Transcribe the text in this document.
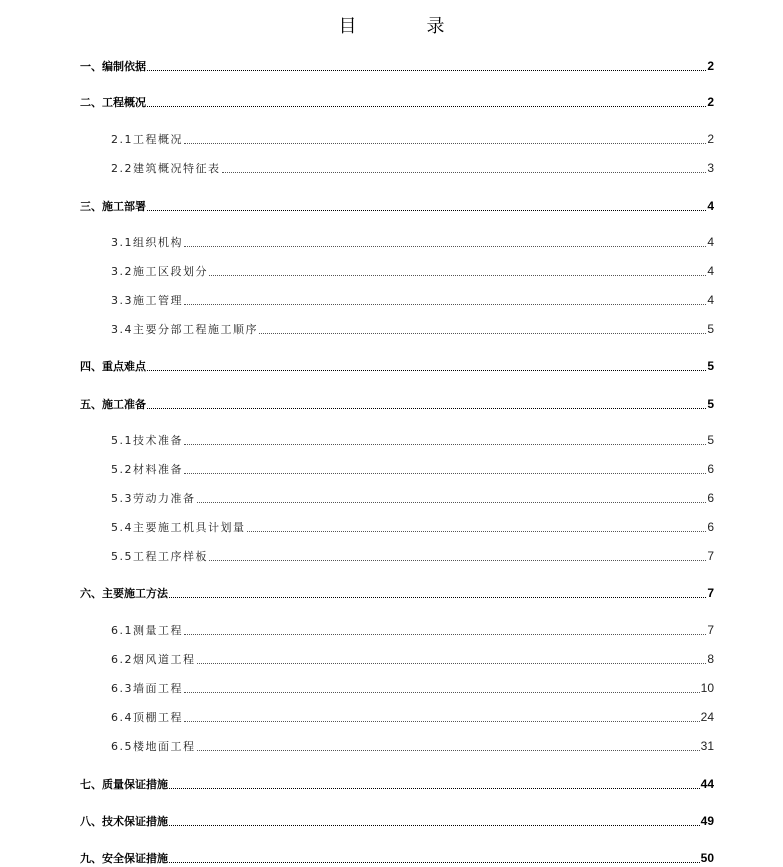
目　录
一、编制依据	2
二、工程概况	2
2.1工程概况	2
2.2建筑概况特征表	3
三、施工部署	4
3.1组织机构	4
3.2施工区段划分	4
3.3施工管理	4
3.4主要分部工程施工顺序	5
四、重点难点	5
五、施工准备	5
5.1技术准备	5
5.2材料准备	6
5.3劳动力准备	6
5.4主要施工机具计划量	6
5.5工程工序样板	7
六、主要施工方法	7
6.1测量工程	7
6.2烟风道工程	8
6.3墙面工程	10
6.4顶棚工程	24
6.5楼地面工程	31
七、质量保证措施	44
八、技术保证措施	49
九、安全保证措施	50
